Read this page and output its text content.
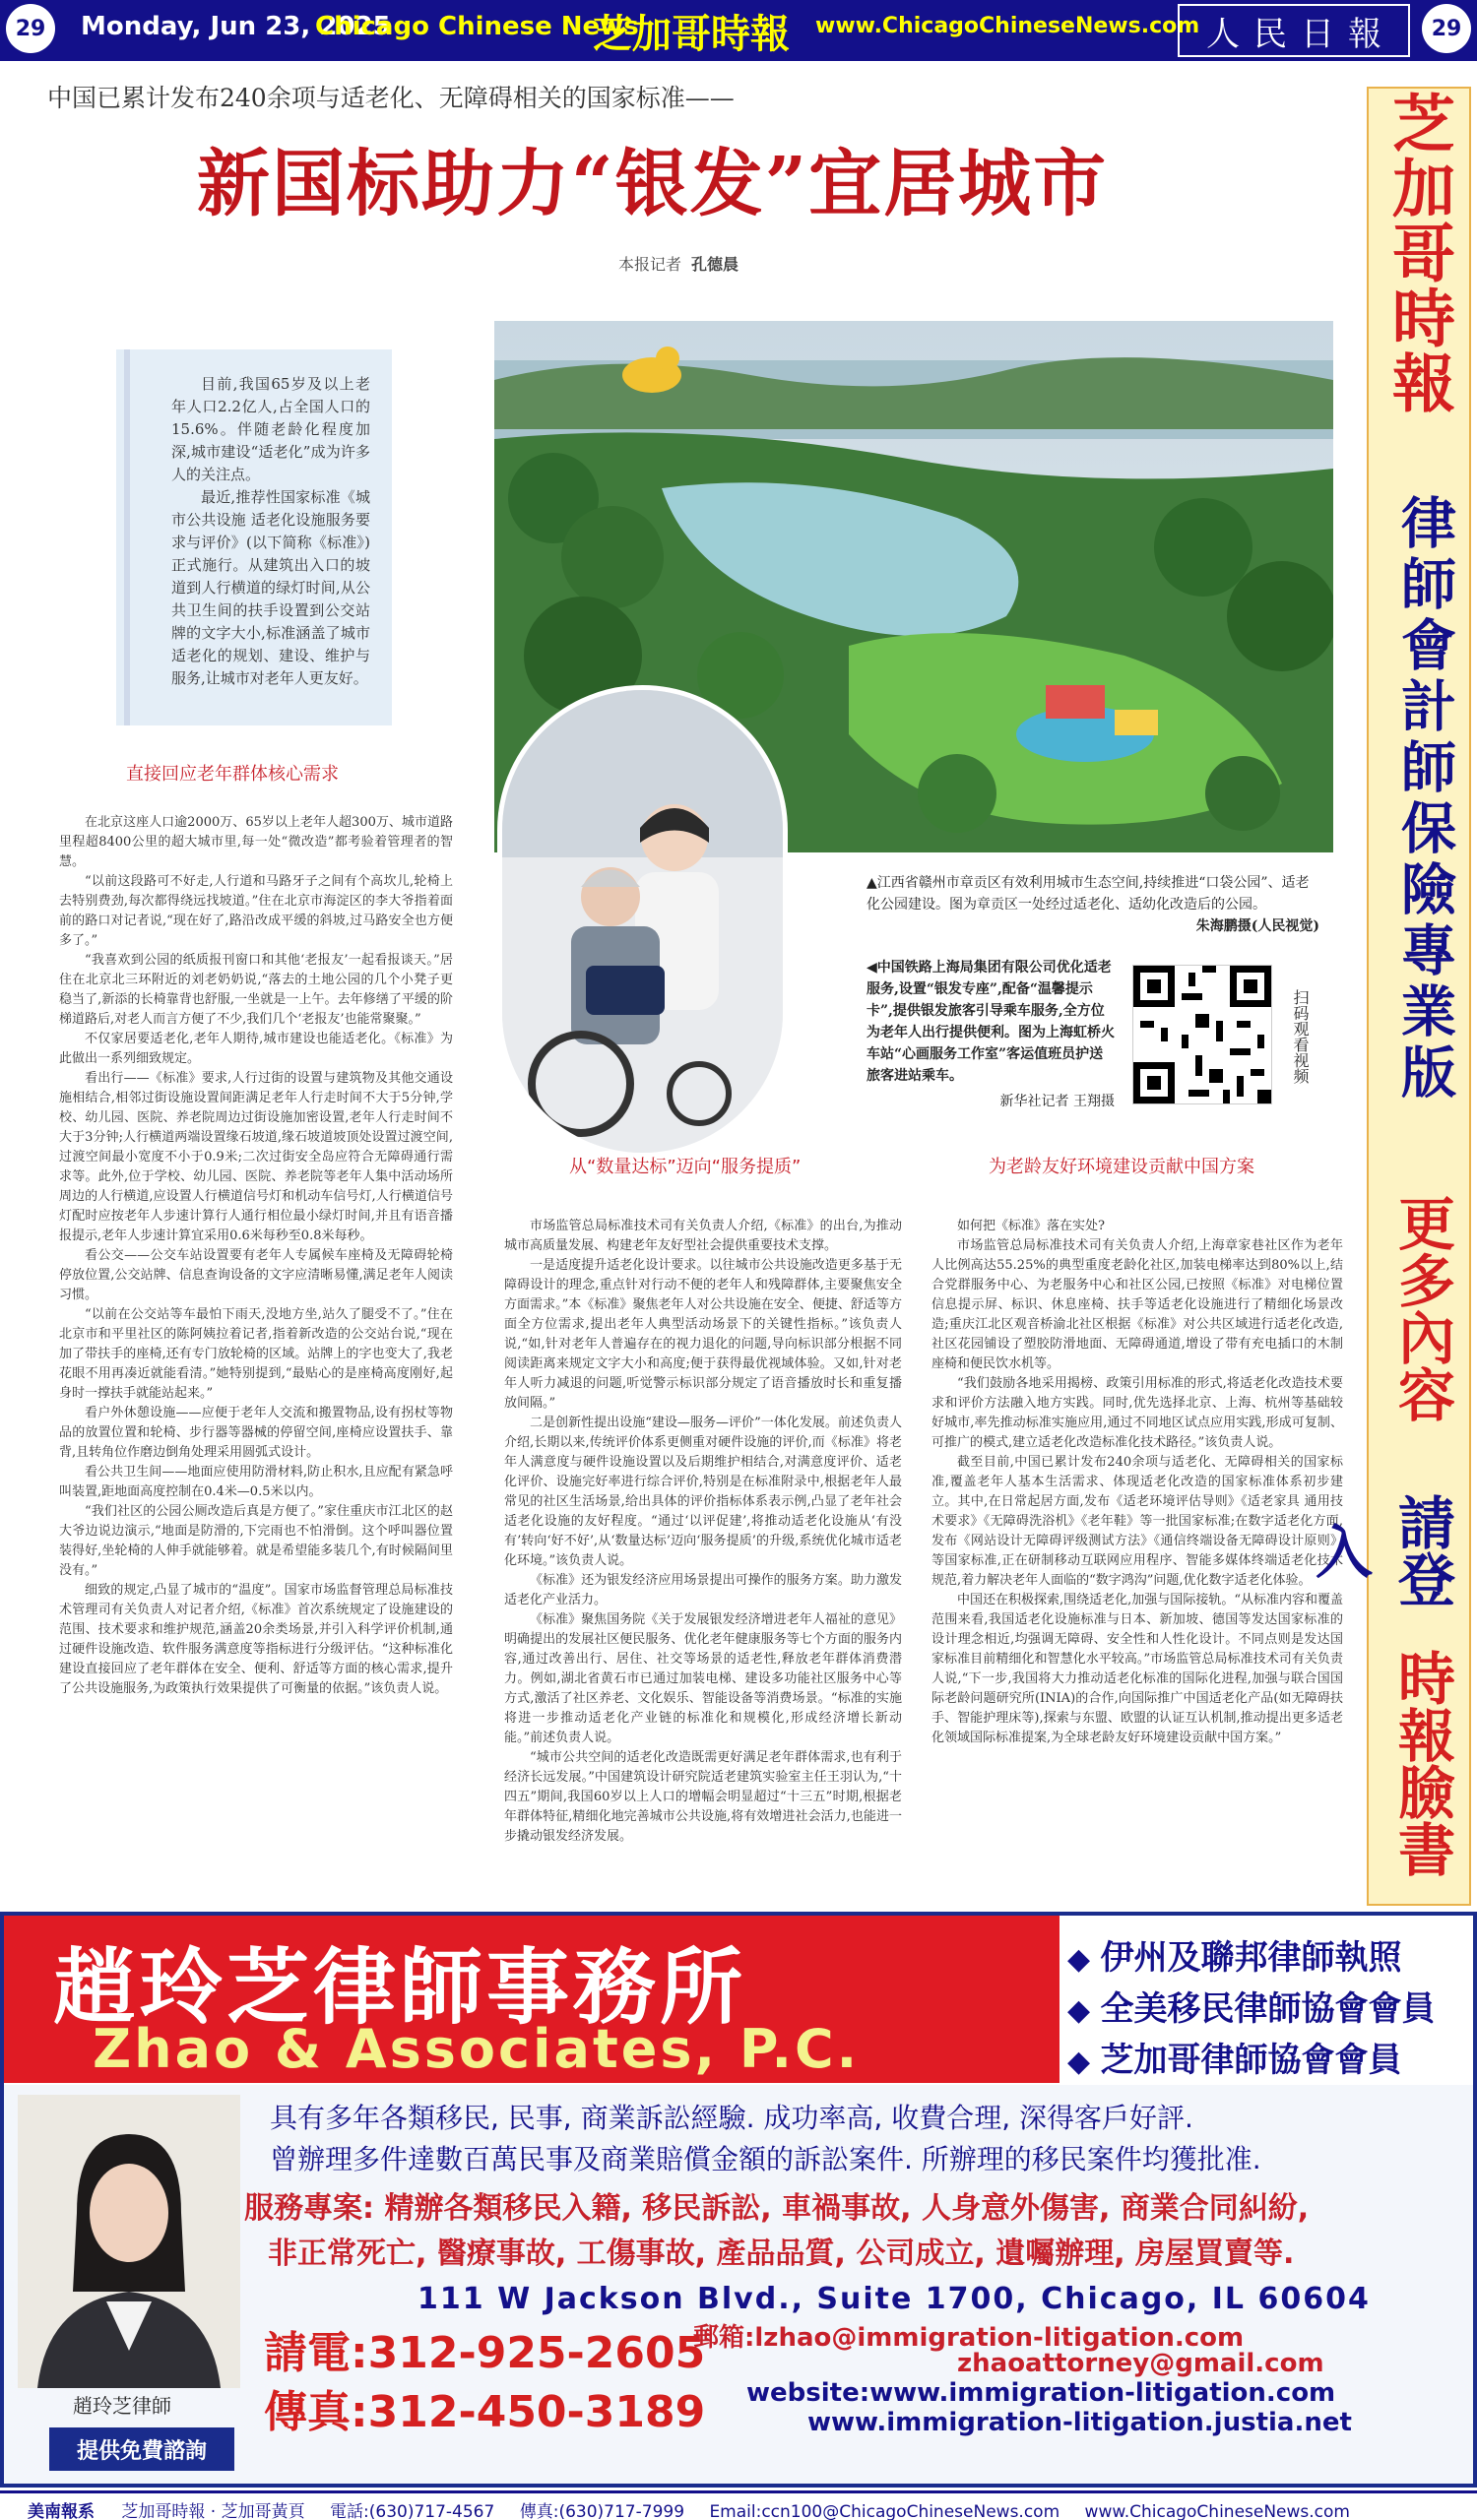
29	Monday, Jun 23, 2025
Chicago Chinese News
芝加哥時報 www.ChicagoChineseNews.com 人民日報	29
中国已累计发布240余项与适老化、无障碍相关的国家标准——
新国标助力“银发”宜居城市
本报记者 孔德晨

目前,我国65岁及以上老年人口2.2亿人,占全国人口的15.6%。伴随老龄化程度加深,城市建设“适老化”成为许多人的关注点。

最近,推荐性国家标准《城市公共设施 适老化设施服务要求与评价》(以下简称《标准》)正式施行。从建筑出入口的坡道到人行横道的绿灯时间,从公共卫生间的扶手设置到公交站牌的文字大小,标准涵盖了城市适老化的规划、建设、维护与服务,让城市对老年人更友好。

▲江西省赣州市章贡区有效利用城市生态空间,持续推进“口袋公园”、适老化公园建设。图为章贡区一处经过适老化、适幼化改造后的公园。
朱海鹏摄(人民视觉)
◀中国铁路上海局集团有限公司优化适老服务,设置“银发专座”,配备“温馨提示卡”,提供银发旅客引导乘车服务,全方位为老年人出行提供便利。图为上海虹桥火车站“心画服务工作室”客运值班员护送旅客进站乘车。
新华社记者 王翔摄
扫码观看视频
直接回应老年群体核心需求
从“数量达标”迈向“服务提质”	为老龄友好环境建设贡献中国方案

在北京这座人口逾2000万、65岁以上老年人超300万、城市道路里程超8400公里的超大城市里,每一处“微改造”都考验着管理者的智慧。

“以前这段路可不好走,人行道和马路牙子之间有个高坎儿,轮椅上去特别费劲,每次都得绕远找坡道。”住在北京市海淀区的李大爷指着面前的路口对记者说,“现在好了,路沿改成平缓的斜坡,过马路安全也方便多了。”

“我喜欢到公园的纸质报刊窗口和其他‘老报友’一起看报谈天。”居住在北京北三环附近的刘老奶奶说,“落去的土地公园的几个小凳子更稳当了,新添的长椅靠背也舒服,一坐就是一上午。去年修缮了平缓的阶梯道路后,对老人而言方便了不少,我们几个‘老报友’也能常聚聚。”

不仅家居要适老化,老年人期待,城市建设也能适老化。《标准》为此做出一系列细致规定。

看出行——《标准》要求,人行过街的设置与建筑物及其他交通设施相结合,相邻过街设施设置间距满足老年人行走时间不大于5分钟,学校、幼儿园、医院、养老院周边过街设施加密设置,老年人行走时间不大于3分钟;人行横道两端设置缘石坡道,缘石坡道坡顶处设置过渡空间,过渡空间最小宽度不小于0.9米;二次过街安全岛应符合无障碍通行需求等。此外,位于学校、幼儿园、医院、养老院等老年人集中活动场所周边的人行横道,应设置人行横道信号灯和机动车信号灯,人行横道信号灯配时应按老年人步速计算行人通行相位最小绿灯时间,并且有语音播报提示,老年人步速计算宜采用0.6米每秒至0.8米每秒。

看公交——公交车站设置要有老年人专属候车座椅及无障碍轮椅停放位置,公交站牌、信息查询设备的文字应清晰易懂,满足老年人阅读习惯。

“以前在公交站等车最怕下雨天,没地方坐,站久了腿受不了。”住在北京市和平里社区的陈阿姨拉着记者,指着新改造的公交站台说,“现在加了带扶手的座椅,还有专门放轮椅的区域。站牌上的字也变大了,我老花眼不用再凑近就能看清。”她特别提到,“最贴心的是座椅高度刚好,起身时一撑扶手就能站起来。”

看户外休憩设施——应便于老年人交流和搬置物品,设有拐杖等物品的放置位置和轮椅、步行器等器械的停留空间,座椅应设置扶手、靠背,且转角位作磨边倒角处理采用圆弧式设计。

看公共卫生间——地面应使用防滑材料,防止积水,且应配有紧急呼叫装置,距地面高度控制在0.4米—0.5米以内。

“我们社区的公园公厕改造后真是方便了。”家住重庆市江北区的赵大爷边说边演示,“地面是防滑的,下完雨也不怕滑倒。这个呼叫器位置装得好,坐轮椅的人伸手就能够着。就是希望能多装几个,有时候隔间里没有。”

细致的规定,凸显了城市的“温度”。国家市场监督管理总局标准技术管理司有关负责人对记者介绍,《标准》首次系统规定了设施建设的范围、技术要求和维护规范,涵盖20余类场景,并引入科学评价机制,通过硬件设施改造、软件服务满意度等指标进行分级评估。“这种标准化建设直接回应了老年群体在安全、便利、舒适等方面的核心需求,提升了公共设施服务,为政策执行效果提供了可衡量的依据。”该负责人说。

市场监管总局标准技术司有关负责人介绍,《标准》的出台,为推动城市高质量发展、构建老年友好型社会提供重要技术支撑。

一是适度提升适老化设计要求。以往城市公共设施改造更多基于无障碍设计的理念,重点针对行动不便的老年人和残障群体,主要聚焦安全方面需求。”本《标准》聚焦老年人对公共设施在安全、便捷、舒适等方面全方位需求,提出老年人典型活动场景下的关键性指标。”该负责人说,“如,针对老年人普遍存在的视力退化的问题,导向标识部分根据不同阅读距离来规定文字大小和高度;便于获得最优视域体验。又如,针对老年人听力减退的问题,听觉警示标识部分规定了语音播放时长和重复播放间隔。”

二是创新性提出设施“建设—服务—评价”一体化发展。前述负责人介绍,长期以来,传统评价体系更侧重对硬件设施的评价,而《标准》将老年人满意度与硬件设施设置以及后期维护相结合,对满意度评价、适老化评价、设施完好率进行综合评价,特别是在标准附录中,根据老年人最常见的社区生活场景,给出具体的评价指标体系表示例,凸显了老年社会适老化设施的友好程度。“通过‘以评促建’,将推动适老化设施从‘有没有’转向‘好不好’,从‘数量达标’迈向‘服务提质’的升级,系统优化城市适老化环境。”该负责人说。

《标准》还为银发经济应用场景提出可操作的服务方案。助力激发适老化产业活力。

《标准》聚焦国务院《关于发展银发经济增进老年人福祉的意见》明确提出的发展社区便民服务、优化老年健康服务等七个方面的服务内容,通过改善出行、居住、社交等场景的适老性,释放老年群体消费潜力。例如,湖北省黄石市已通过加装电梯、建设多功能社区服务中心等方式,激活了社区养老、文化娱乐、智能设备等消费场景。“标准的实施将进一步推动适老化产业链的标准化和规模化,形成经济增长新动能。”前述负责人说。

“城市公共空间的适老化改造既需更好满足老年群体需求,也有利于经济长远发展。”中国建筑设计研究院适老建筑实验室主任王羽认为,“十四五”期间,我国60岁以上人口的增幅会明显超过“十三五”时期,根据老年群体特征,精细化地完善城市公共设施,将有效增进社会活力,也能进一步撬动银发经济发展。

如何把《标准》落在实处?

市场监管总局标准技术司有关负责人介绍,上海章家巷社区作为老年人比例高达55.25%的典型重度老龄化社区,加装电梯率达到80%以上,结合党群服务中心、为老服务中心和社区公园,已按照《标准》对电梯位置信息提示屏、标识、休息座椅、扶手等适老化设施进行了精细化场景改造;重庆江北区观音桥渝北社区根据《标准》对公共区域进行适老化改造,社区花园铺设了塑胶防滑地面、无障碍通道,增设了带有充电插口的木制座椅和便民饮水机等。

“我们鼓励各地采用揭榜、政策引用标准的形式,将适老化改造技术要求和评价方法融入地方实践。同时,优先选择北京、上海、杭州等基础较好城市,率先推动标准实施应用,通过不同地区试点应用实践,形成可复制、可推广的模式,建立适老化改造标准化技术路径。”该负责人说。

截至目前,中国已累计发布240余项与适老化、无障碍相关的国家标准,覆盖老年人基本生活需求、体现适老化改造的国家标准体系初步建立。其中,在日常起居方面,发布《适老环境评估导则》《适老家具 通用技术要求》《无障碍洗浴机》《老年鞋》等一批国家标准;在数字适老化方面,发布《网站设计无障碍评级测试方法》《通信终端设备无障碍设计原则》等国家标准,正在研制移动互联网应用程序、智能多媒体终端适老化技术规范,着力解决老年人面临的“数字鸿沟”问题,优化数字适老化体验。

中国还在积极探索,围绕适老化,加强与国际接轨。“从标准内容和覆盖范围来看,我国适老化设施标准与日本、新加坡、德国等发达国家标准的设计理念相近,均强调无障碍、安全性和人性化设计。不同点则是发达国家标准目前精细化和智慧化水平较高。”市场监管总局标准技术司有关负责人说,“下一步,我国将大力推动适老化标准的国际化进程,加强与联合国国际老龄问题研究所(INIA)的合作,向国际推广中国适老化产品(如无障碍扶手、智能护理床等),探索与东盟、欧盟的认证互认机制,推动提出更多适老化领域国际标准提案,为全球老龄友好环境建设贡献中国方案。”

芝加哥時報
律師會計師保險專業版
更多內容
請登入
時報臉書
趙玲芝律師事務所
Zhao & Associates, P.C.
◆ 伊州及聯邦律師執照
◆ 全美移民律師協會會員
◆ 芝加哥律師協會會員
具有多年各類移民, 民事, 商業訴訟經驗. 成功率高, 收費合理, 深得客戶好評.
曾辦理多件達數百萬民事及商業賠償金額的訴訟案件. 所辦理的移民案件均獲批准.
服務專案: 精辦各類移民入籍, 移民訴訟, 車禍事故, 人身意外傷害, 商業合同糾紛,
非正常死亡, 醫療事故, 工傷事故, 產品品質, 公司成立, 遺囑辦理, 房屋買賣等.
111 W Jackson Blvd., Suite 1700, Chicago, IL 60604
請電:312-925-2605
傳真:312-450-3189
郵箱:lzhao@immigration-litigation.com
zhaoattorney@gmail.com
website:www.immigration-litigation.com
www.immigration-litigation.justia.net
趙玲芝律師
提供免費諮詢
美南報系 芝加哥時報 · 芝加哥黃頁 電話:(630)717-4567 傳真:(630)717-7999 Email:ccn100@ChicagoChineseNews.com www.ChicagoChineseNews.com
